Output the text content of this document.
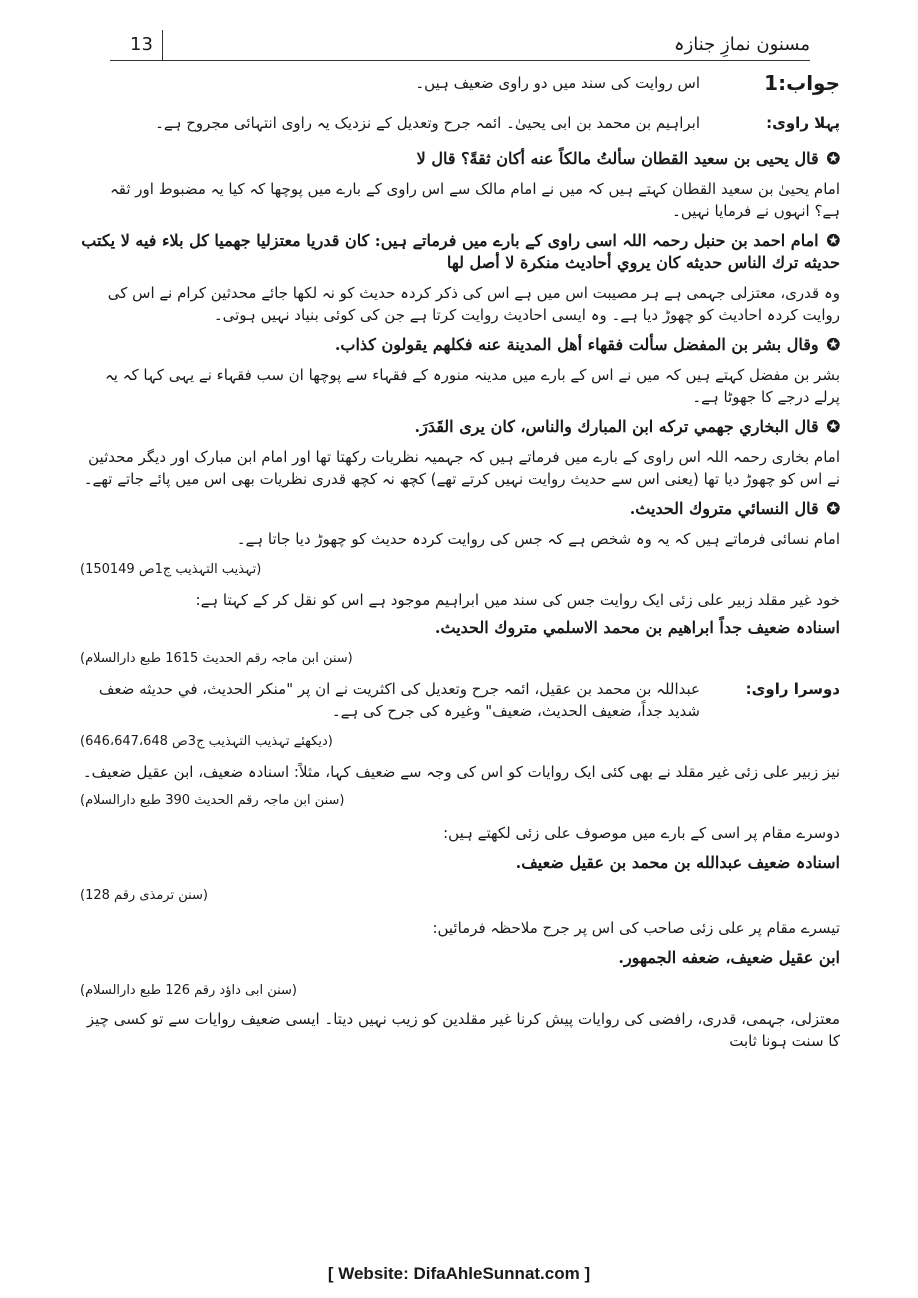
13	مسنون نمازِ جنازہ
جواب:1
اس روایت کی سند میں دو راوی ضعیف ہیں۔
پہلا راوی:
ابراہیم بن محمد بن ابی یحییٰ۔ ائمہ جرح وتعدیل کے نزدیک یہ راوی انتہائی مجروح ہے۔
✪قال يحيى بن سعيد القطان سألتُ مالكاً عنه أكان ثقةً؟ قال لا
امام یحییٰ بن سعید القطان کہتے ہیں کہ میں نے امام مالک سے اس راوی کے بارے میں پوچھا کہ کیا یہ مضبوط اور ثقہ ہے؟ انہوں نے فرمایا نہیں۔
✪امام احمد بن حنبل رحمہ اللہ اسی راوی کے بارے میں فرماتے ہیں: كان قدريا معتزليا جهميا كل بلاء فيه لا يكتب حديثه ترك الناس حديثه كان يروي أحاديث منكرة لا أصل لها
وہ قدری، معتزلی جہمی ہے ہر مصیبت اس میں ہے اس کی ذکر کردہ حدیث کو نہ لکھا جائے محدثین کرام نے اس کی روایت کردہ احادیث کو چھوڑ دیا ہے۔ وہ ایسی احادیث روایت کرتا ہے جن کی کوئی بنیاد نہیں ہوتی۔
✪وقال بشر بن المفضل سألت فقهاء أهل المدينة عنه فكلهم يقولون كذاب.
بشر بن مفضل کہتے ہیں کہ میں نے اس کے بارے میں مدینہ منورہ کے فقہاء سے پوچھا ان سب فقہاء نے یہی کہا کہ یہ پرلے درجے کا جھوٹا ہے۔
✪قال البخاري جهمي تركه ابن المبارك والناس، كان يرى القَدَرَ.
امام بخاری رحمہ اللہ اس راوی کے بارے میں فرماتے ہیں کہ جہمیہ نظریات رکھتا تھا اور امام ابن مبارک اور دیگر محدثین نے اس کو چھوڑ دیا تھا (یعنی اس سے حدیث روایت نہیں کرتے تھے) کچھ نہ کچھ قدری نظریات بھی اس میں پائے جاتے تھے۔
✪قال النسائي متروك الحديث.
امام نسائی فرماتے ہیں کہ یہ وہ شخص ہے کہ جس کی روایت کردہ حدیث کو چھوڑ دیا جاتا ہے۔
(تہذیب التہذیب ج1ص 150149)
خود غیر مقلد زبیر علی زئی ایک روایت جس کی سند میں ابراہیم موجود ہے اس کو نقل کر کے کہتا ہے:
اسنادہ ضعیف جداً ابراهيم بن محمد الاسلمي متروك الحديث.
(سنن ابن ماجہ رقم الحدیث 1615 طبع دارالسلام)
دوسرا راوی:
عبداللہ بن محمد بن عقیل، ائمہ جرح وتعدیل کی اکثریت نے ان پر "منکر الحدیث، في حديثه ضعف شديد جداً، ضعيف الحديث، ضعيف" وغیرہ کی جرح کی ہے۔
(دیکھئے تہذیب التہذیب ج3ص 646،647،648)
نیز زبیر علی زئی غیر مقلد نے بھی کئی ایک روایات کو اس کی وجہ سے ضعیف کہا، مثلاً: اسنادہ ضعیف، ابن عقیل ضعیف۔
(سنن ابن ماجہ رقم الحدیث 390 طبع دارالسلام)
دوسرے مقام پر اسی کے بارے میں موصوف علی زئی لکھتے ہیں:
اسنادہ ضعیف عبدالله بن محمد بن عقيل ضعيف.
(سنن ترمذی رقم 128)
تیسرے مقام پر علی زئی صاحب کی اس پر جرح ملاحظہ فرمائیں:
ابن عقيل ضعيف، ضعفه الجمهور.
(سنن ابی داؤد رقم 126 طبع دارالسلام)
معتزلی، جہمی، قدری، رافضی کی روایات پیش کرنا غیر مقلدین کو زیب نہیں دیتا۔ ایسی ضعیف روایات سے تو کسی چیز کا سنت ہونا ثابت
[ Website: DifaAhleSunnat.com ]
